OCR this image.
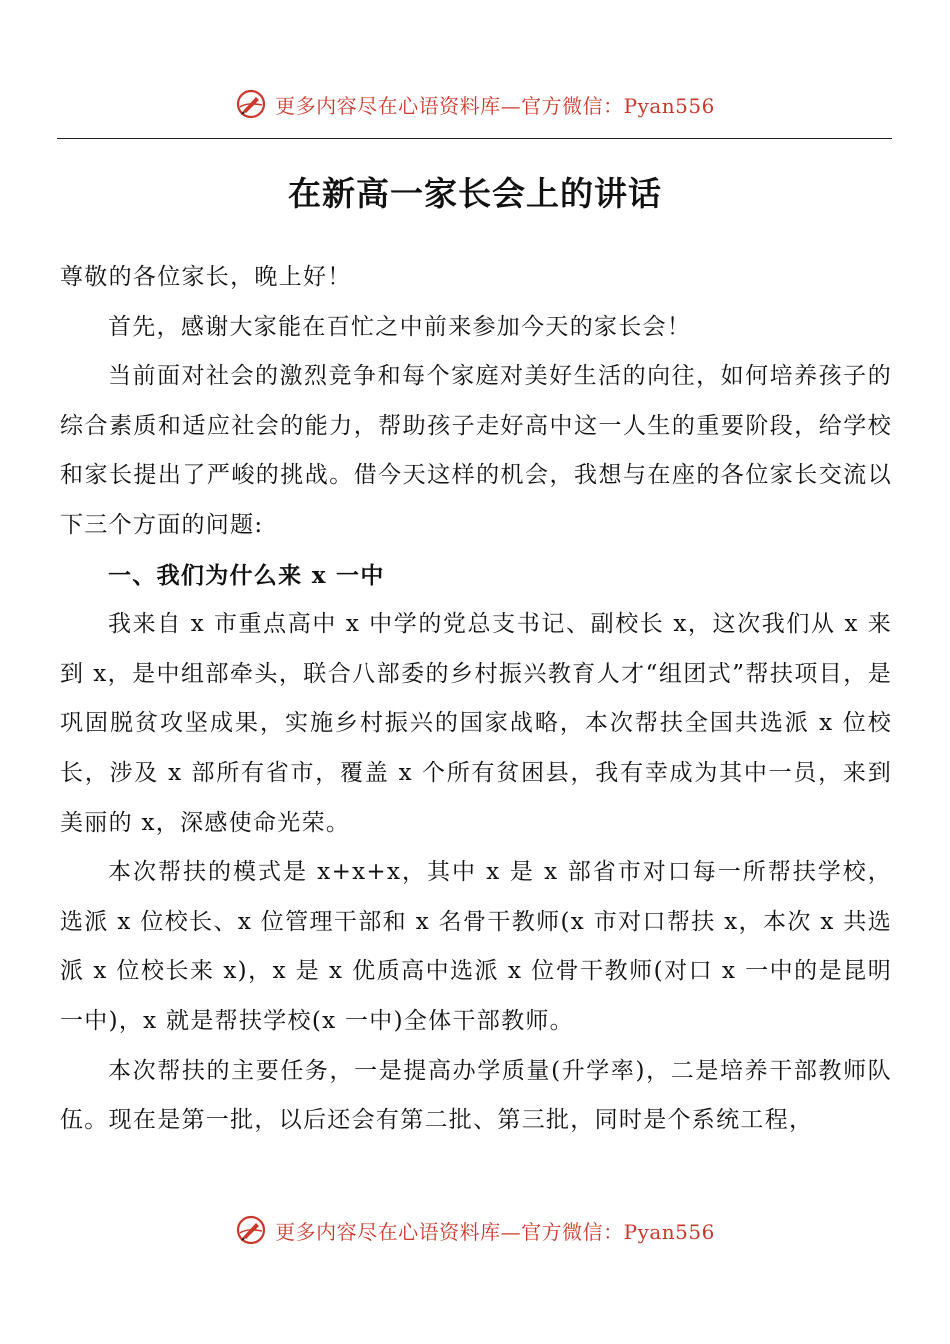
更多内容尽在心语资料库—官方微信：Pyan556
在新高一家长会上的讲话

尊敬的各位家长，晚上好！

首先，感谢大家能在百忙之中前来参加今天的家长会！

当前面对社会的激烈竞争和每个家庭对美好生活的向往，如何培养孩子的综合素质和适应社会的能力，帮助孩子走好高中这一人生的重要阶段，给学校和家长提出了严峻的挑战。借今天这样的机会，我想与在座的各位家长交流以下三个方面的问题:

一、我们为什么来 x 一中

我来自 x 市重点高中 x 中学的党总支书记、副校长 x，这次我们从 x 来到 x，是中组部牵头，联合八部委的乡村振兴教育人才“组团式”帮扶项目，是巩固脱贫攻坚成果，实施乡村振兴的国家战略，本次帮扶全国共选派 x 位校长，涉及 x 部所有省市，覆盖 x 个所有贫困县，我有幸成为其中一员，来到美丽的 x，深感使命光荣。

本次帮扶的模式是 x+x+x，其中 x 是 x 部省市对口每一所帮扶学校，选派 x 位校长、x 位管理干部和 x 名骨干教师(x 市对口帮扶 x，本次 x 共选派 x 位校长来 x)，x 是 x 优质高中选派 x 位骨干教师(对口 x 一中的是昆明一中)，x 就是帮扶学校(x 一中)全体干部教师。

本次帮扶的主要任务，一是提高办学质量(升学率)，二是培养干部教师队伍。现在是第一批，以后还会有第二批、第三批，同时是个系统工程，

更多内容尽在心语资料库—官方微信：Pyan556
